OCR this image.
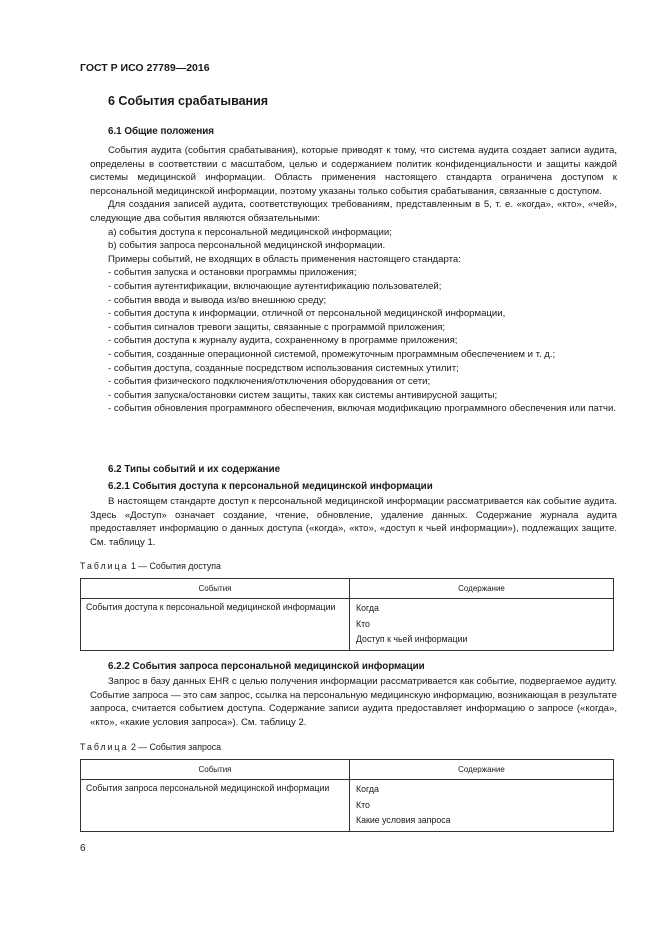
ГОСТ Р ИСО 27789—2016
6 События срабатывания
6.1 Общие положения

События аудита (события срабатывания), которые приводят к тому, что система аудита создает записи аудита, определены в соответствии с масштабом, целью и содержанием политик конфиденциальности и защиты каждой системы медицинской информации. Область применения настоящего стандарта ограничена доступом к персональной медицинской информации, поэтому указаны только события срабатывания, связанные с доступом.

Для создания записей аудита, соответствующих требованиям, представленным в 5, т. е. «когда», «кто», «чей», следующие два события являются обязательными:

a) события доступа к персональной медицинской информации;

b) события запроса персональной медицинской информации.

Примеры событий, не входящих в область применения настоящего стандарта:

- события запуска и остановки программы приложения;

- события аутентификации, включающие аутентификацию пользователей;

- события ввода и вывода из/во внешнюю среду;

- события доступа к информации, отличной от персональной медицинской информации,

- события сигналов тревоги защиты, связанные с программой приложения;

- события доступа к журналу аудита, сохраненному в программе приложения;

- события, созданные операционной системой, промежуточным программным обеспечением и т. д.;

- события доступа, созданные посредством использования системных утилит;

- события физического подключения/отключения оборудования от сети;

- события запуска/остановки систем защиты, таких как системы антивирусной защиты;

- события обновления программного обеспечения, включая модификацию программного обеспечения или патчи.

6.2 Типы событий и их содержание
6.2.1 События доступа к персональной медицинской информации

В настоящем стандарте доступ к персональной медицинской информации рассматривается как событие аудита. Здесь «Доступ» означает создание, чтение, обновление, удаление данных. Содержание журнала аудита предоставляет информацию о данных доступа («когда», «кто», «доступ к чьей информации»), подлежащих защите. См. таблицу 1.

Таблица 1 — События доступа
События	Содержание
События доступа к персональной медицинской информации	Когда
Кто
Доступ к чьей информации
6.2.2 События запроса персональной медицинской информации

Запрос в базу данных EHR с целью получения информации рассматривается как событие, подвергаемое аудиту. Событие запроса — это сам запрос, ссылка на персональную медицинскую информацию, возникающая в результате запроса, считается событием доступа. Содержание записи аудита предоставляет информацию о запросе («когда», «кто», «какие условия запроса»). См. таблицу 2.

Таблица 2 — События запроса
События	Содержание
События запроса персональной медицинской информации	Когда
Кто
Какие условия запроса
6
